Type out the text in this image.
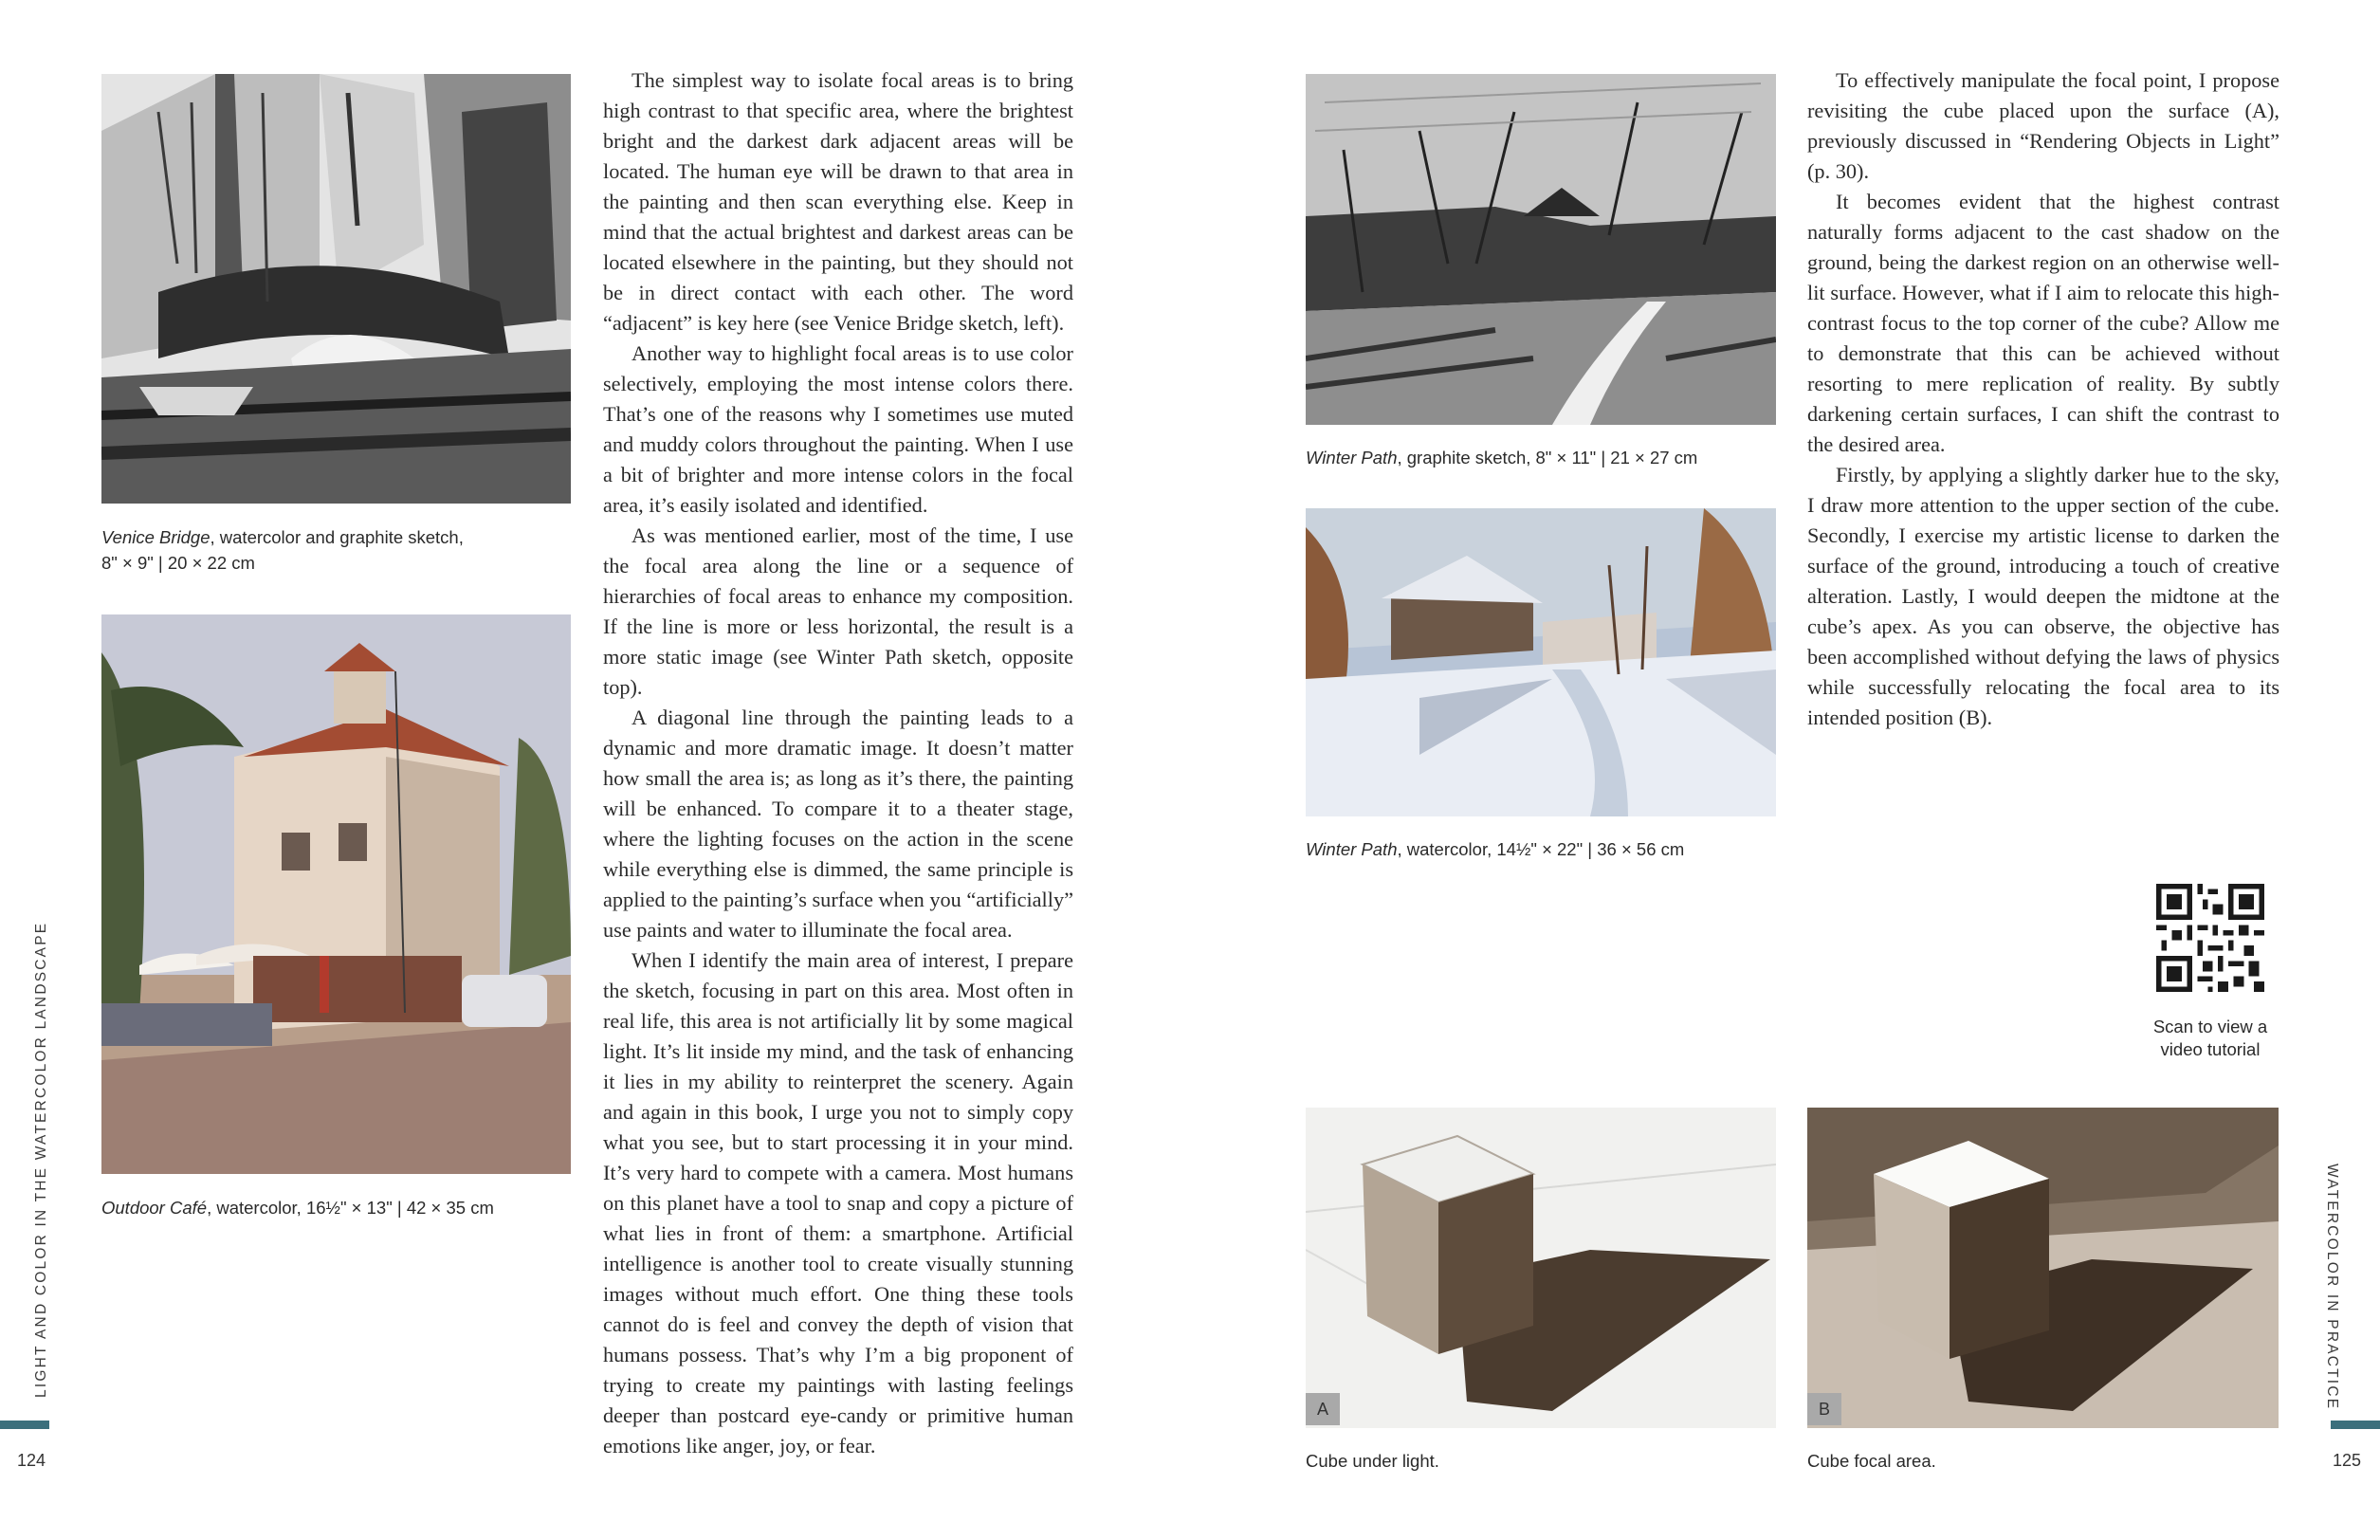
Venice Bridge, watercolor and graphite sketch,
8" × 9" | 20 × 22 cm
Outdoor Café, watercolor, 16½" × 13" | 42 × 35 cm

The simplest way to isolate focal areas is to bring high contrast to that specific area, where the brightest bright and the darkest dark adjacent areas will be located. The human eye will be drawn to that area in the painting and then scan everything else. Keep in mind that the actual brightest and darkest areas can be located elsewhere in the painting, but they should not be in direct contact with each other. The word “adjacent” is key here (see Venice Bridge sketch, left).

Another way to highlight focal areas is to use color selectively, employing the most intense colors there. That’s one of the reasons why I sometimes use muted and muddy colors throughout the painting. When I use a bit of brighter and more intense colors in the focal area, it’s easily isolated and identified.

As was mentioned earlier, most of the time, I use the focal area along the line or a sequence of hierarchies of focal areas to enhance my composition. If the line is more or less horizontal, the result is a more static image (see Winter Path sketch, opposite top).

A diagonal line through the painting leads to a dynamic and more dramatic image. It doesn’t matter how small the area is; as long as it’s there, the painting will be enhanced. To compare it to a theater stage, where the lighting focuses on the action in the scene while everything else is dimmed, the same principle is applied to the painting’s surface when you “artificially” use paints and water to illuminate the focal area.

When I identify the main area of interest, I prepare the sketch, focusing in part on this area. Most often in real life, this area is not artificially lit by some magical light. It’s lit inside my mind, and the task of enhancing it lies in my ability to reinterpret the scenery. Again and again in this book, I urge you not to simply copy what you see, but to start processing it in your mind. It’s very hard to compete with a camera. Most humans on this planet have a tool to snap and copy a picture of what lies in front of them: a smartphone. Artificial intelligence is another tool to create visually stunning images without much effort. One thing these tools cannot do is feel and convey the depth of vision that humans possess. That’s why I’m a big proponent of trying to create my paintings with lasting feelings deeper than postcard eye-candy or primitive human emotions like anger, joy, or fear.

LIGHT AND COLOR IN THE WATERCOLOR LANDSCAPE
124
Winter Path, graphite sketch, 8" × 11" | 21 × 27 cm
Winter Path, watercolor, 14½" × 22" | 36 × 56 cm

To effectively manipulate the focal point, I propose revisiting the cube placed upon the surface (A), previously discussed in “Rendering Objects in Light” (p. 30).

It becomes evident that the highest contrast naturally forms adjacent to the cast shadow on the ground, being the darkest region on an otherwise well-lit surface. However, what if I aim to relocate this high-contrast focus to the top corner of the cube? Allow me to demonstrate that this can be achieved without resorting to mere replication of reality. By subtly darkening certain surfaces, I can shift the contrast to the desired area.

Firstly, by applying a slightly darker hue to the sky, I draw more attention to the upper section of the cube. Secondly, I exercise my artistic license to darken the surface of the ground, introducing a touch of creative alteration. Lastly, I would deepen the midtone at the cube’s apex. As you can observe, the objective has been accomplished without defying the laws of physics while successfully relocating the focal area to its intended position (B).

Scan to view a
video tutorial
A
Cube under light.
B
Cube focal area.
WATERCOLOR IN PRACTICE
125
